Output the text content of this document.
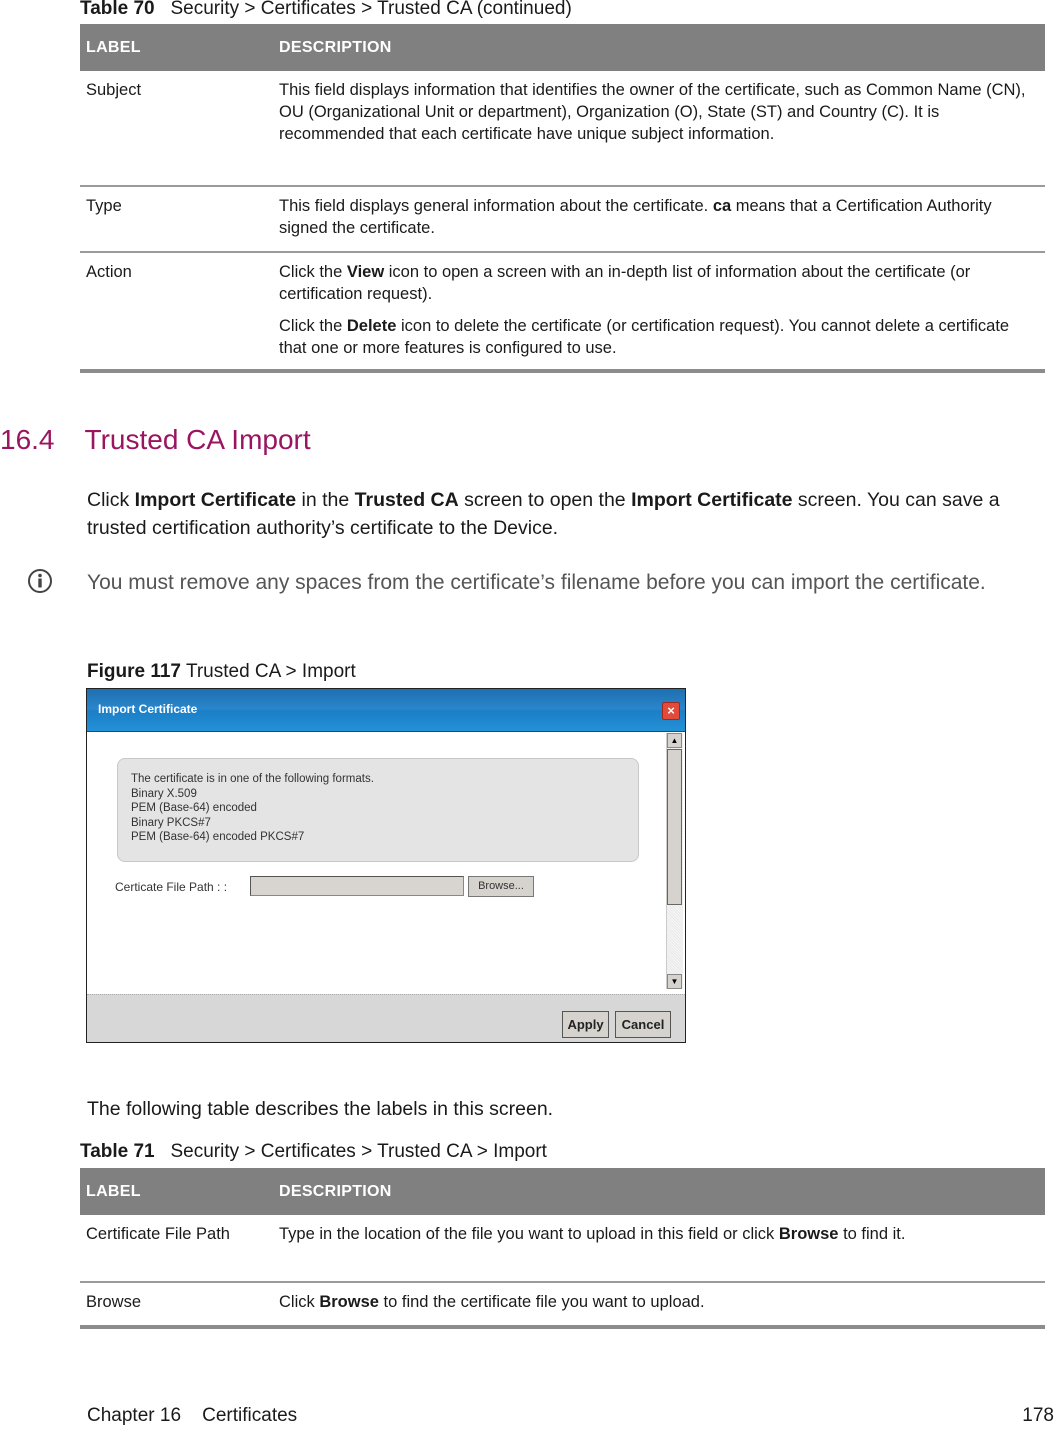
Table 70 Security > Certificates > Trusted CA (continued)
LABEL	DESCRIPTION
Subject	This field displays information that identifies the owner of the certificate, such as Common Name (CN), OU (Organizational Unit or department), Organization (O), State (ST) and Country (C). It is recommended that each certificate have unique subject information.
Type	This field displays general information about the certificate. ca means that a Certification Authority signed the certificate.
Action	Click the View icon to open a screen with an in-depth list of information about the certificate (or certification request).

Click the Delete icon to delete the certificate (or certification request). You cannot delete a certificate that one or more features is configured to use.

16.4 Trusted CA Import
Click Import Certificate in the Trusted CA screen to open the Import Certificate screen. You can save a trusted certification authority’s certificate to the Device.
You must remove any spaces from the certificate’s filename before you can import the certificate.
Figure 117 Trusted CA > Import
Import Certificate	×
▲
▼
The certificate is in one of the following formats.
Binary X.509
PEM (Base-64) encoded
Binary PKCS#7
PEM (Base-64) encoded PKCS#7
Certicate File Path : :	Browse...
Apply	Cancel
The following table describes the labels in this screen.
Table 71 Security > Certificates > Trusted CA > Import
LABEL	DESCRIPTION
Certificate File Path	Type in the location of the file you want to upload in this field or click Browse to find it.
Browse	Click Browse to find the certificate file you want to upload.
Chapter 16 Certificates	178
